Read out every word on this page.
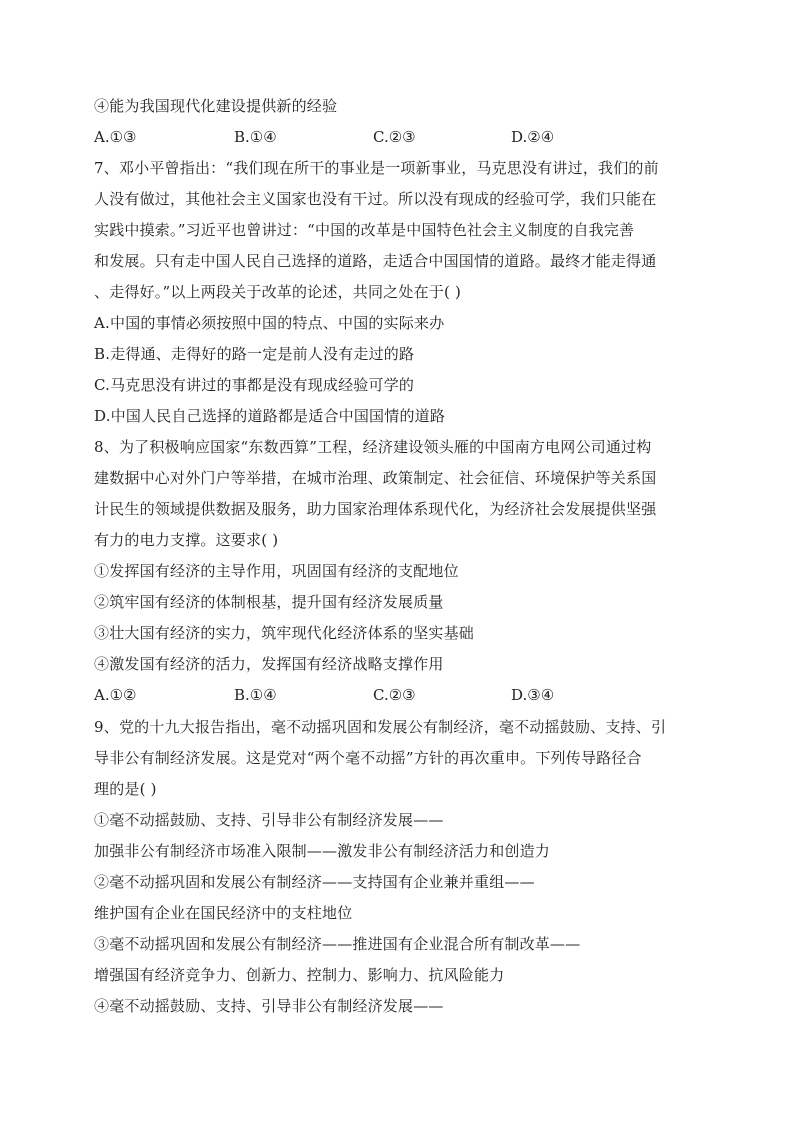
④能为我国现代化建设提供新的经验
A.①③	B.①④	C.②③	D.②④
7、邓小平曾指出：“我们现在所干的事业是一项新事业，马克思没有讲过，我们的前
人没有做过，其他社会主义国家也没有干过。所以没有现成的经验可学，我们只能在
实践中摸索。”习近平也曾讲过：“中国的改革是中国特色社会主义制度的自我完善
和发展。只有走中国人民自己选择的道路，走适合中国国情的道路。最终才能走得通
、走得好。”以上两段关于改革的论述，共同之处在于( )
A.中国的事情必须按照中国的特点、中国的实际来办
B.走得通、走得好的路一定是前人没有走过的路
C.马克思没有讲过的事都是没有现成经验可学的
D.中国人民自己选择的道路都是适合中国国情的道路
8、为了积极响应国家“东数西算”工程，经济建设领头雁的中国南方电网公司通过构
建数据中心对外门户等举措，在城市治理、政策制定、社会征信、环境保护等关系国
计民生的领域提供数据及服务，助力国家治理体系现代化，为经济社会发展提供坚强
有力的电力支撑。这要求( )
①发挥国有经济的主导作用，巩固国有经济的支配地位
②筑牢国有经济的体制根基，提升国有经济发展质量
③壮大国有经济的实力，筑牢现代化经济体系的坚实基础
④激发国有经济的活力，发挥国有经济战略支撑作用
A.①②	B.①④	C.②③	D.③④
9、党的十九大报告指出，毫不动摇巩固和发展公有制经济，毫不动摇鼓励、支持、引
导非公有制经济发展。这是党对“两个毫不动摇”方针的再次重申。下列传导路径合
理的是( )
①毫不动摇鼓励、支持、引导非公有制经济发展——
加强非公有制经济市场准入限制——激发非公有制经济活力和创造力
②毫不动摇巩固和发展公有制经济——支持国有企业兼并重组——
维护国有企业在国民经济中的支柱地位
③毫不动摇巩固和发展公有制经济——推进国有企业混合所有制改革——
增强国有经济竞争力、创新力、控制力、影响力、抗风险能力
④毫不动摇鼓励、支持、引导非公有制经济发展——
